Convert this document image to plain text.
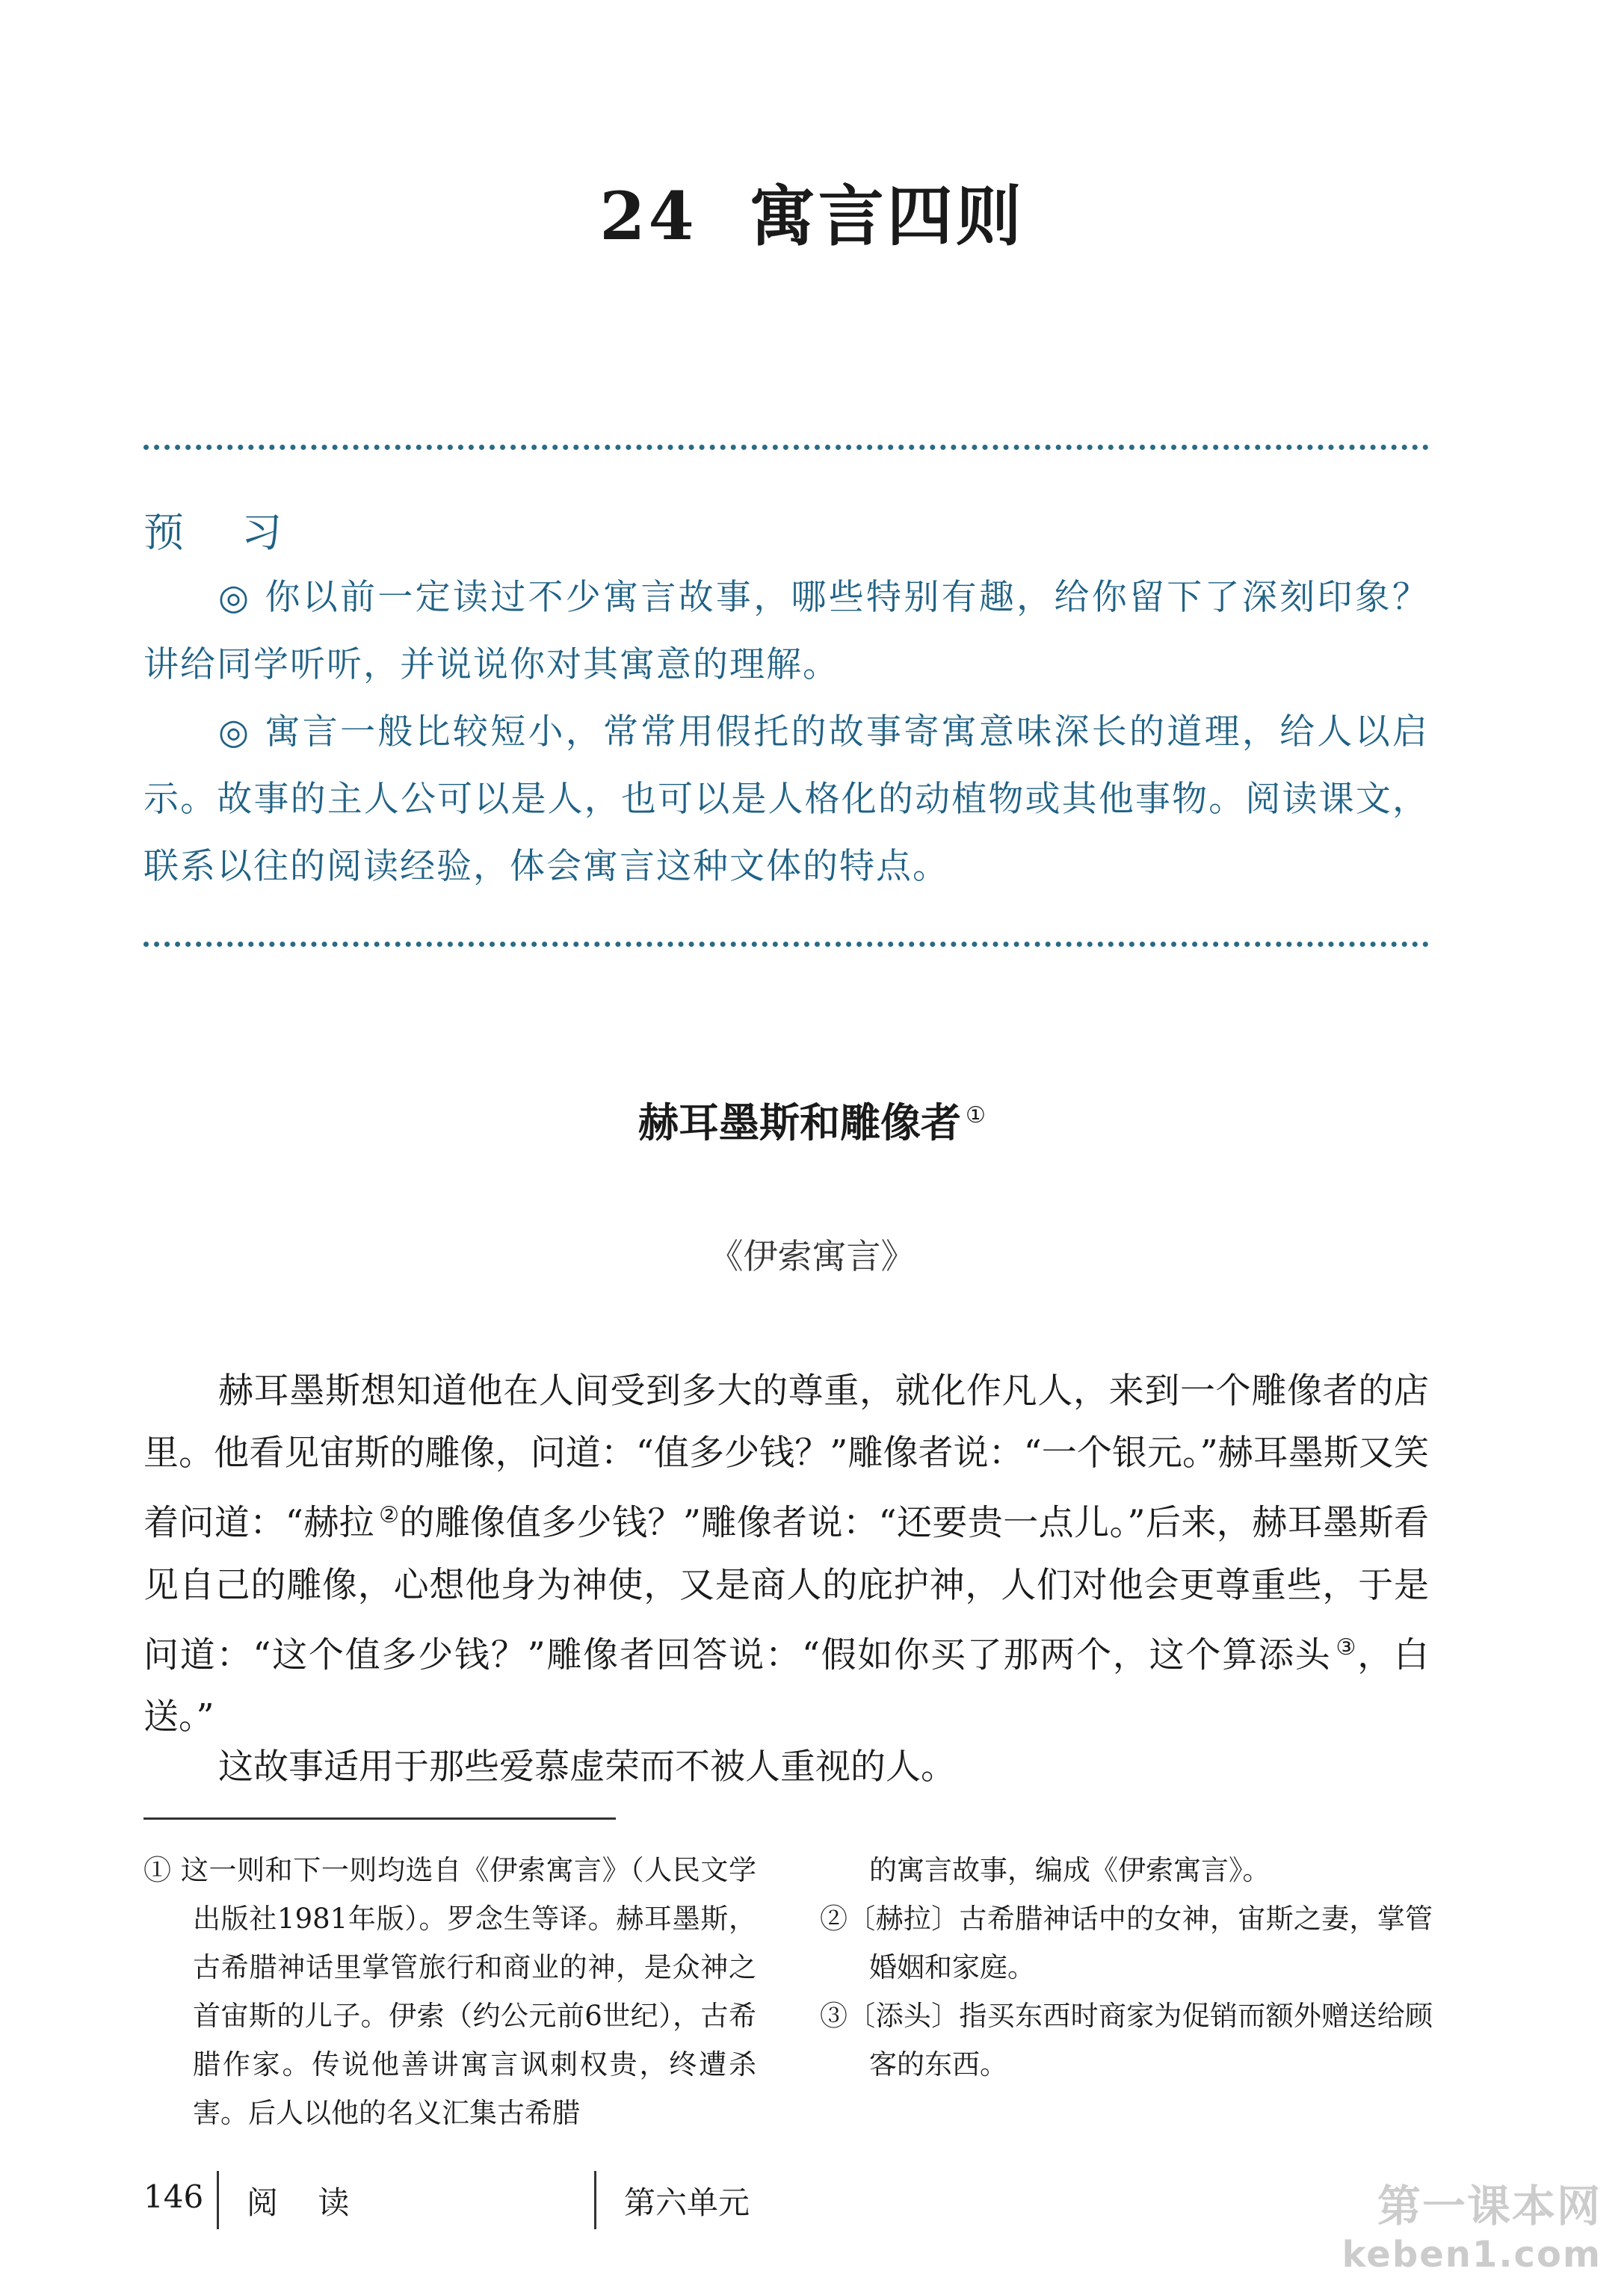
24 寓言四则
预 习
◎ 你以前一定读过不少寓言故事，哪些特别有趣，给你留下了深刻印象？讲给同学听听，并说说你对其寓意的理解。
◎ 寓言一般比较短小，常常用假托的故事寄寓意味深长的道理，给人以启示。故事的主人公可以是人，也可以是人格化的动植物或其他事物。阅读课文，联系以往的阅读经验，体会寓言这种文体的特点。
赫耳墨斯和雕像者 ①
《伊索寓言》
赫耳墨斯想知道他在人间受到多大的尊重，就化作凡人，来到一个雕像者的店里。他看见宙斯的雕像，问道：“值多少钱？”雕像者说：“一个银元。”赫耳墨斯又笑着问道：“赫拉 ②的雕像值多少钱？”雕像者说：“还要贵一点儿。”后来，赫耳墨斯看见自己的雕像，心想他身为神使，又是商人的庇护神，人们对他会更尊重些，于是问道：“这个值多少钱？”雕像者回答说：“假如你买了那两个，这个算添头 ③，白送。”
这故事适用于那些爱慕虚荣而不被人重视的人。
① 这一则和下一则均选自《伊索寓言》（人民文学出版社1981年版）。罗念生等译。赫耳墨斯，古希腊神话里掌管旅行和商业的神，是众神之首宙斯的儿子。伊索（约公元前6世纪），古希腊作家。传说他善讲寓言讽刺权贵，终遭杀害。后人以他的名义汇集古希腊
的寓言故事，编成《伊索寓言》。
②〔赫拉〕古希腊神话中的女神，宙斯之妻，掌管婚姻和家庭。
③〔添头〕指买东西时商家为促销而额外赠送给顾客的东西。
146 阅 读	第六单元	第一课本网
keben1.com
